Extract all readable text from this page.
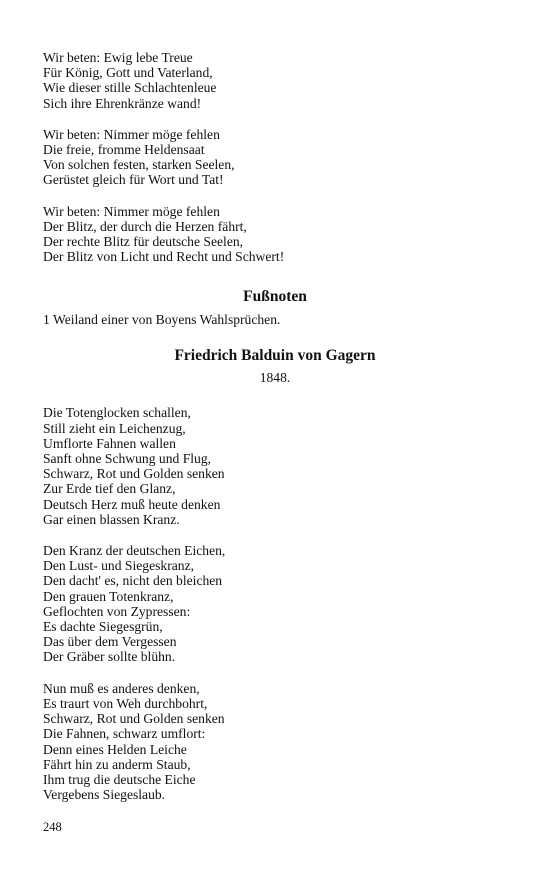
Wir beten: Ewig lebe Treue
Für König, Gott und Vaterland,
Wie dieser stille Schlachtenleue
Sich ihre Ehrenkränze wand!
Wir beten: Nimmer möge fehlen
Die freie, fromme Heldensaat
Von solchen festen, starken Seelen,
Gerüstet gleich für Wort und Tat!
Wir beten: Nimmer möge fehlen
Der Blitz, der durch die Herzen fährt,
Der rechte Blitz für deutsche Seelen,
Der Blitz von Licht und Recht und Schwert!
Fußnoten

1 Weiland einer von Boyens Wahlsprüchen.

Friedrich Balduin von Gagern

1848.

Die Totenglocken schallen,
Still zieht ein Leichenzug,
Umflorte Fahnen wallen
Sanft ohne Schwung und Flug,
Schwarz, Rot und Golden senken
Zur Erde tief den Glanz,
Deutsch Herz muß heute denken
Gar einen blassen Kranz.
Den Kranz der deutschen Eichen,
Den Lust- und Siegeskranz,
Den dacht' es, nicht den bleichen
Den grauen Totenkranz,
Geflochten von Zypressen:
Es dachte Siegesgrün,
Das über dem Vergessen
Der Gräber sollte blühn.
Nun muß es anderes denken,
Es traurt von Weh durchbohrt,
Schwarz, Rot und Golden senken
Die Fahnen, schwarz umflort:
Denn eines Helden Leiche
Fährt hin zu anderm Staub,
Ihm trug die deutsche Eiche
Vergebens Siegeslaub.
248
